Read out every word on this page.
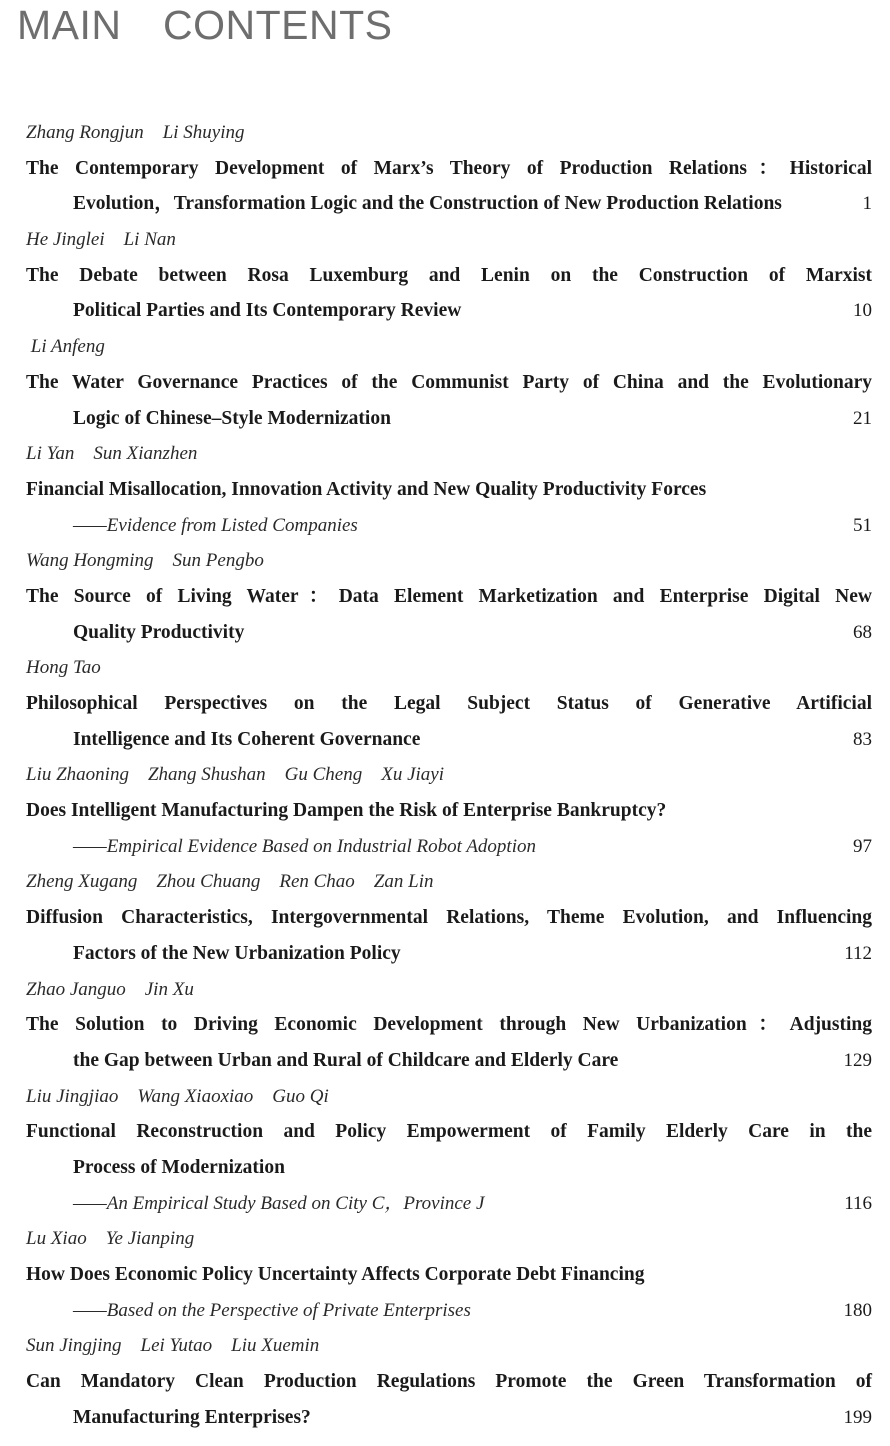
MAIN　CONTENTS
Zhang Rongjun　Li Shuying
The Contemporary Development of Marx’s Theory of Production Relations：Historical
Evolution，Transformation Logic and the Construction of New Production Relations	1
He Jinglei　Li Nan
The Debate between Rosa Luxemburg and Lenin on the Construction of Marxist
Political Parties and Its Contemporary Review	10
Li Anfeng
The Water Governance Practices of the Communist Party of China and the Evolutionary
Logic of Chinese–Style Modernization	21
Li Yan　Sun Xianzhen
Financial Misallocation, Innovation Activity and New Quality Productivity Forces
——Evidence from Listed Companies	51
Wang Hongming　Sun Pengbo
The Source of Living Water：Data Element Marketization and Enterprise Digital New
Quality Productivity	68
Hong Tao
Philosophical Perspectives on the Legal Subject Status of Generative Artificial
Intelligence and Its Coherent Governance	83
Liu Zhaoning　Zhang Shushan　Gu Cheng　Xu Jiayi
Does Intelligent Manufacturing Dampen the Risk of Enterprise Bankruptcy?
——Empirical Evidence Based on Industrial Robot Adoption	97
Zheng Xugang　Zhou Chuang　Ren Chao　Zan Lin
Diffusion Characteristics, Intergovernmental Relations, Theme Evolution, and Influencing
Factors of the New Urbanization Policy	112
Zhao Janguo　Jin Xu
The Solution to Driving Economic Development through New Urbanization：Adjusting
the Gap between Urban and Rural of Childcare and Elderly Care	129
Liu Jingjiao　Wang Xiaoxiao　Guo Qi
Functional Reconstruction and Policy Empowerment of Family Elderly Care in the
Process of Modernization
——An Empirical Study Based on City C，Province J	116
Lu Xiao　Ye Jianping
How Does Economic Policy Uncertainty Affects Corporate Debt Financing
——Based on the Perspective of Private Enterprises	180
Sun Jingjing　Lei Yutao　Liu Xuemin
Can Mandatory Clean Production Regulations Promote the Green Transformation of
Manufacturing Enterprises?	199
